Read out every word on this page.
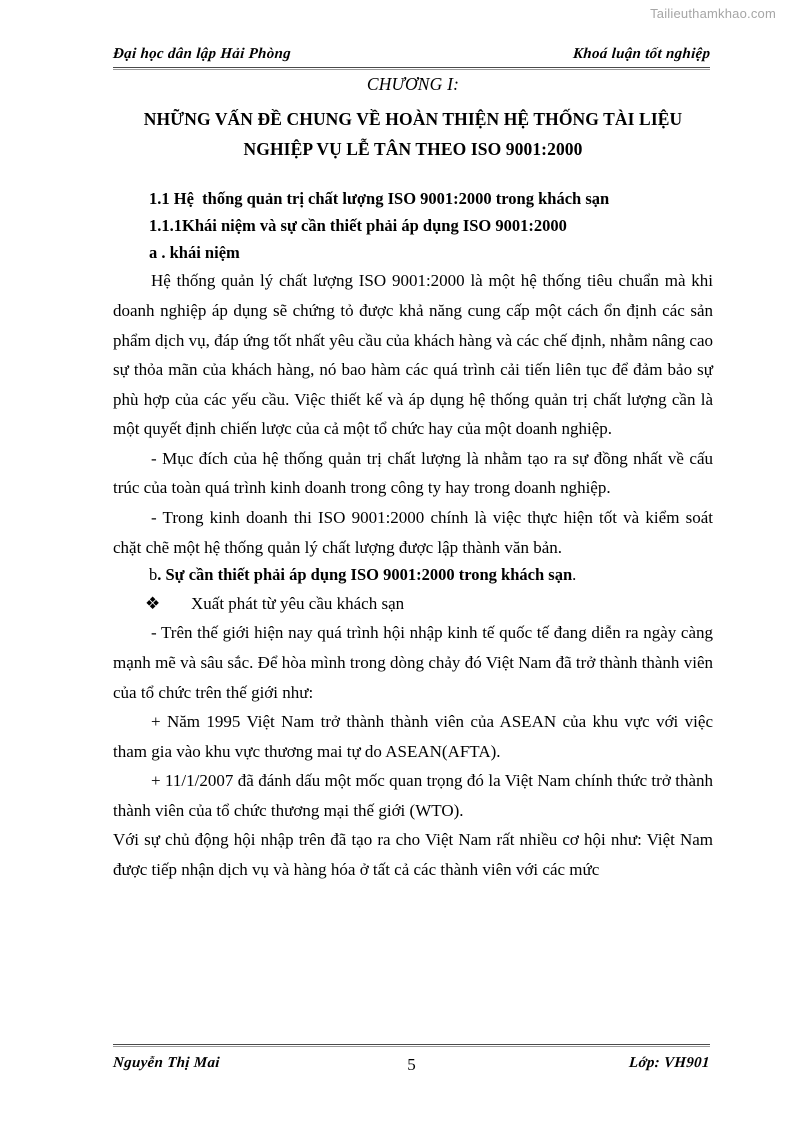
Tailieuthamkhao.com
Đại học dân lập Hải Phòng	Khoá luận tốt nghiệp
CHƯƠNG I:
NHỮNG VẤN ĐỀ CHUNG VỀ HOÀN THIỆN HỆ THỐNG TÀI LIỆU
NGHIỆP VỤ LỄ TÂN THEO ISO 9001:2000
1.1 Hệ  thống quản trị chất lượng ISO 9001:2000 trong khách sạn
1.1.1Khái niệm và sự cần thiết phải áp dụng ISO 9001:2000
a . khái niệm

Hệ thống quản lý chất lượng ISO 9001:2000 là một hệ thống tiêu chuẩn mà khi doanh nghiệp áp dụng sẽ chứng tỏ được khả năng cung cấp một cách ổn định các sản phẩm dịch vụ, đáp ứng tốt nhất yêu cầu của khách hàng và các chế định, nhằm nâng cao sự thỏa mãn của khách hàng, nó bao hàm các quá trình cải tiến liên tục để đảm bảo sự phù hợp của các yếu cầu. Việc thiết kế và áp dụng hệ thống quản trị chất lượng cần là một quyết định chiến lược của cả một tổ chức hay của một doanh nghiệp.

- Mục đích của hệ thống quản trị chất lượng là nhằm tạo ra sự đồng nhất về cấu trúc của toàn quá trình kinh doanh trong công ty hay trong doanh nghiệp.

- Trong kinh doanh thi ISO 9001:2000 chính là việc thực hiện tốt và kiểm soát chặt chẽ một hệ thống quản lý chất lượng được lập thành văn bản.

b. Sự cần thiết phải áp dụng ISO 9001:2000 trong khách sạn.
❖ Xuất phát từ yêu cầu khách sạn

- Trên thế giới hiện nay quá trình hội nhập kinh tế quốc tế đang diễn ra ngày càng mạnh mẽ và sâu sắc. Để hòa mình trong dòng chảy đó Việt Nam đã trở thành thành viên của tổ chức trên thế giới như:

+ Năm 1995 Việt Nam trở thành thành viên của ASEAN của khu vực với việc tham gia vào khu vực thương mai tự do ASEAN(AFTA).

+ 11/1/2007 đã đánh dấu một mốc quan trọng đó la Việt Nam chính thức trở thành thành viên của tổ chức thương mại thế giới (WTO).

Với sự chủ động hội nhập trên đã tạo ra cho Việt Nam rất nhiều cơ hội như: Việt Nam được tiếp nhận dịch vụ và hàng hóa ở tất cả các thành viên với các mức

Nguyễn Thị Mai	5	Lớp: VH901
